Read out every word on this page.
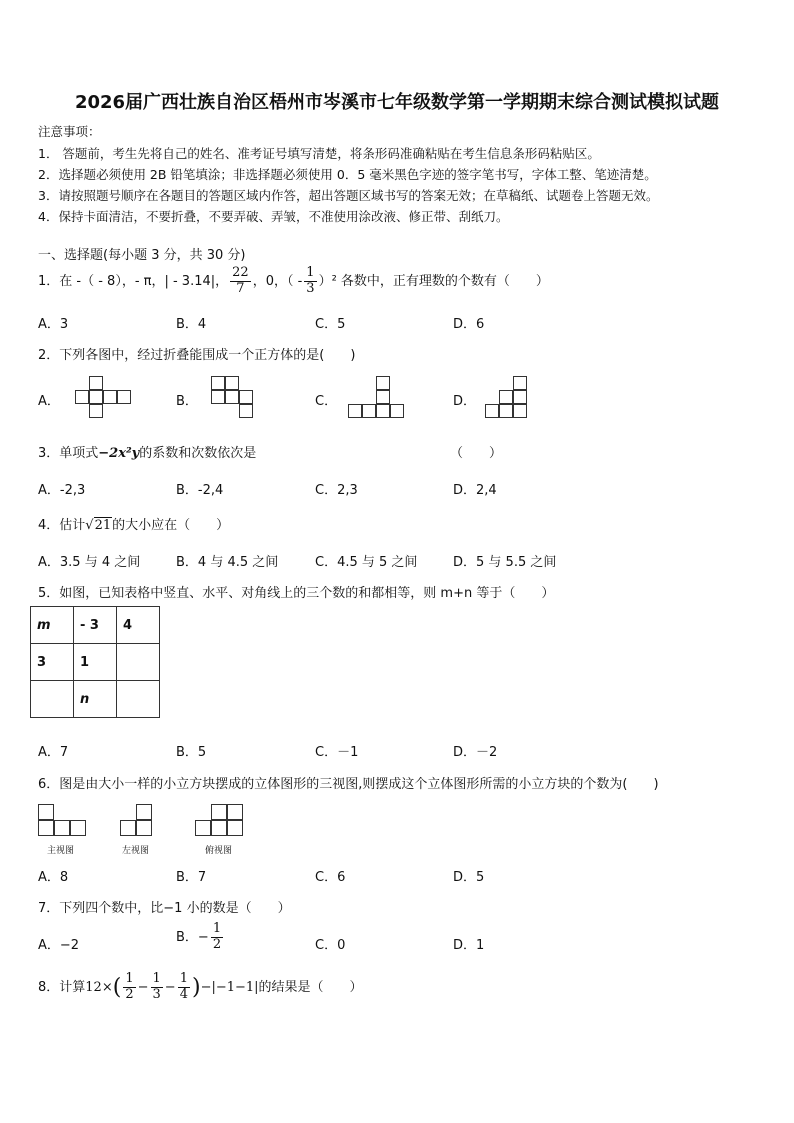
2026届广西壮族自治区梧州市岑溪市七年级数学第一学期期末综合测试模拟试题
注意事项：
1． 答题前，考生先将自己的姓名、准考证号填写清楚，将条形码准确粘贴在考生信息条形码粘贴区。
2．选择题必须使用 2B 铅笔填涂；非选择题必须使用 0．5 毫米黑色字迹的签字笔书写，字体工整、笔迹清楚。
3．请按照题号顺序在各题目的答题区域内作答，超出答题区域书写的答案无效；在草稿纸、试题卷上答题无效。
4．保持卡面清洁，不要折叠，不要弄破、弄皱，不准使用涂改液、修正带、刮纸刀。
一、选择题(每小题 3 分，共 30 分)
1．在 -（ - 8），- π，| - 3.14|， $\frac{22}{7}$ ，0，（ - $\frac{1}{3} )^2$ 各数中，正有理数的个数有（　　）
A．3	B．4	C．5	D．6
2．下列各图中，经过折叠能围成一个正方体的是(　　)
A．	B．	C．	D．
3．单项式−2x²y的系数和次数依次是	（　　）
A．-2,3	B．-2,4	C．2,3	D．2,4
4．估计√21的大小应在（　　）
A．3.5 与 4 之间	B．4 与 4.5 之间	C．4.5 与 5 之间	D．5 与 5.5 之间
5．如图，已知表格中竖直、水平、对角线上的三个数的和都相等，则 m+n 等于（　　）
m	- 3	4
3	1	
	n	
A．7	B．5	C．－1	D．－2
6．图是由大小一样的小立方块摆成的立体图形的三视图,则摆成这个立体图形所需的小立方块的个数为(　　)
主视图	左视图	俯视图
A．8	B．7	C．6	D．5
7．下列四个数中，比−1 小的数是（　　）
A．−2
B．− $\frac{1}{2}$	C．0	D．1
8．计算$12\times( \frac{1}{2} - \frac{1}{3} - \frac{1}{4} )-|-1-1|$的结果是（　　）
